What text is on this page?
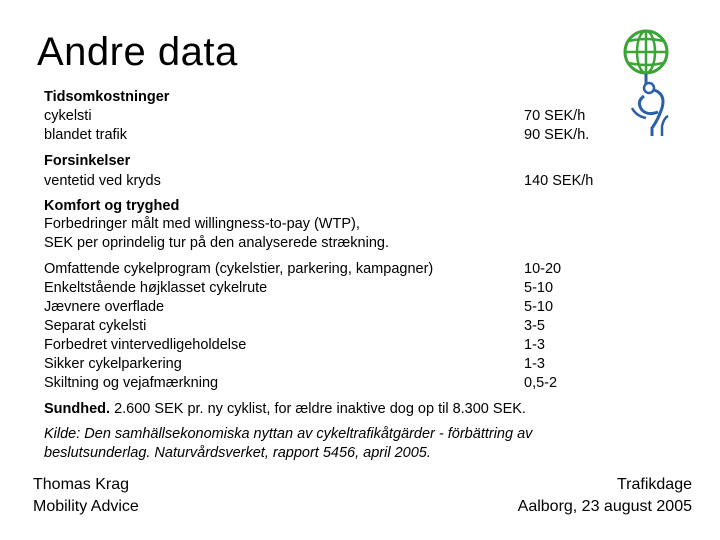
Andre data
Tidsomkostninger
cykelsti
blandet trafik
70 SEK/h
90 SEK/h.
Forsinkelser
ventetid ved kryds	140 SEK/h
Komfort og tryghed
Forbedringer målt med willingness-to-pay (WTP),
SEK per oprindelig tur på den analyserede strækning.
Omfattende cykelprogram (cykelstier, parkering, kampagner)
Enkeltstående højklasset cykelrute
Jævnere overflade
Separat cykelsti
Forbedret vintervedligeholdelse
Sikker cykelparkering
Skiltning og vejafmærkning
10-20
5-10
5-10
3-5
1-3
1-3
0,5-2
Sundhed. 2.600 SEK pr. ny cyklist, for ældre inaktive dog op til 8.300 SEK.
Kilde: Den samhällsekonomiska nyttan av cykeltrafikåtgärder - förbättring av
beslutsunderlag. Naturvårdsverket, rapport 5456, april 2005.
Thomas Krag
Mobility Advice
Trafikdage
Aalborg, 23 august 2005
